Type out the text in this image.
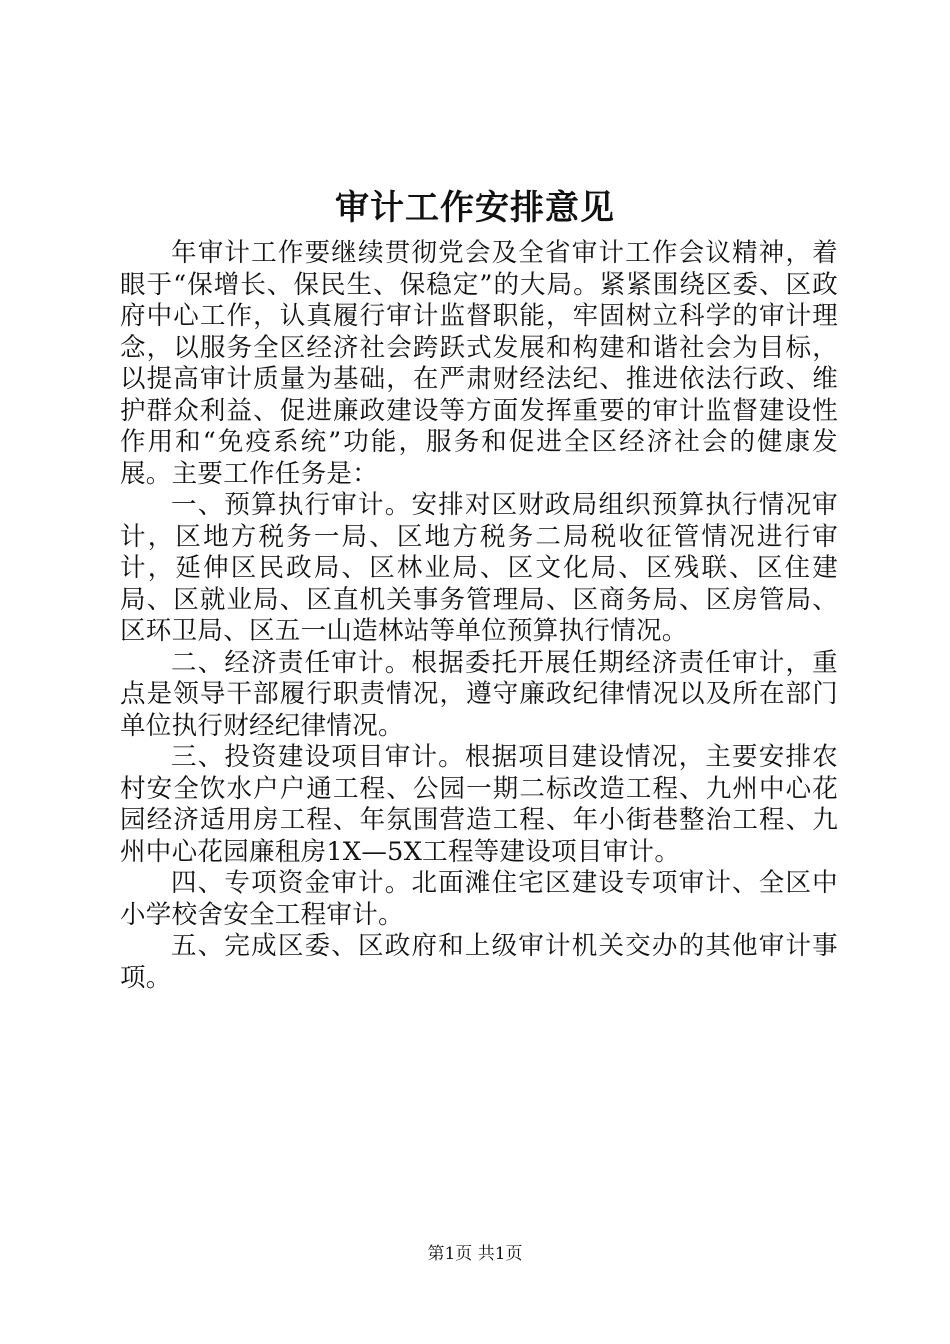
审计工作安排意见

年审计工作要继续贯彻党会及全省审计工作会议精神，着眼于“保增长、保民生、保稳定”的大局。紧紧围绕区委、区政府中心工作，认真履行审计监督职能，牢固树立科学的审计理念，以服务全区经济社会跨跃式发展和构建和谐社会为目标，以提高审计质量为基础，在严肃财经法纪、推进依法行政、维护群众利益、促进廉政建设等方面发挥重要的审计监督建设性作用和“免疫系统”功能，服务和促进全区经济社会的健康发展。主要工作任务是：

一、预算执行审计。安排对区财政局组织预算执行情况审计，区地方税务一局、区地方税务二局税收征管情况进行审计，延伸区民政局、区林业局、区文化局、区残联、区住建局、区就业局、区直机关事务管理局、区商务局、区房管局、区环卫局、区五一山造林站等单位预算执行情况。

二、经济责任审计。根据委托开展任期经济责任审计，重点是领导干部履行职责情况，遵守廉政纪律情况以及所在部门单位执行财经纪律情况。

三、投资建设项目审计。根据项目建设情况，主要安排农村安全饮水户户通工程、公园一期二标改造工程、九州中心花园经济适用房工程、年氛围营造工程、年小街巷整治工程、九州中心花园廉租房1X—5X工程等建设项目审计。

四、专项资金审计。北面滩住宅区建设专项审计、全区中小学校舍安全工程审计。

五、完成区委、区政府和上级审计机关交办的其他审计事项。

第1页 共1页
